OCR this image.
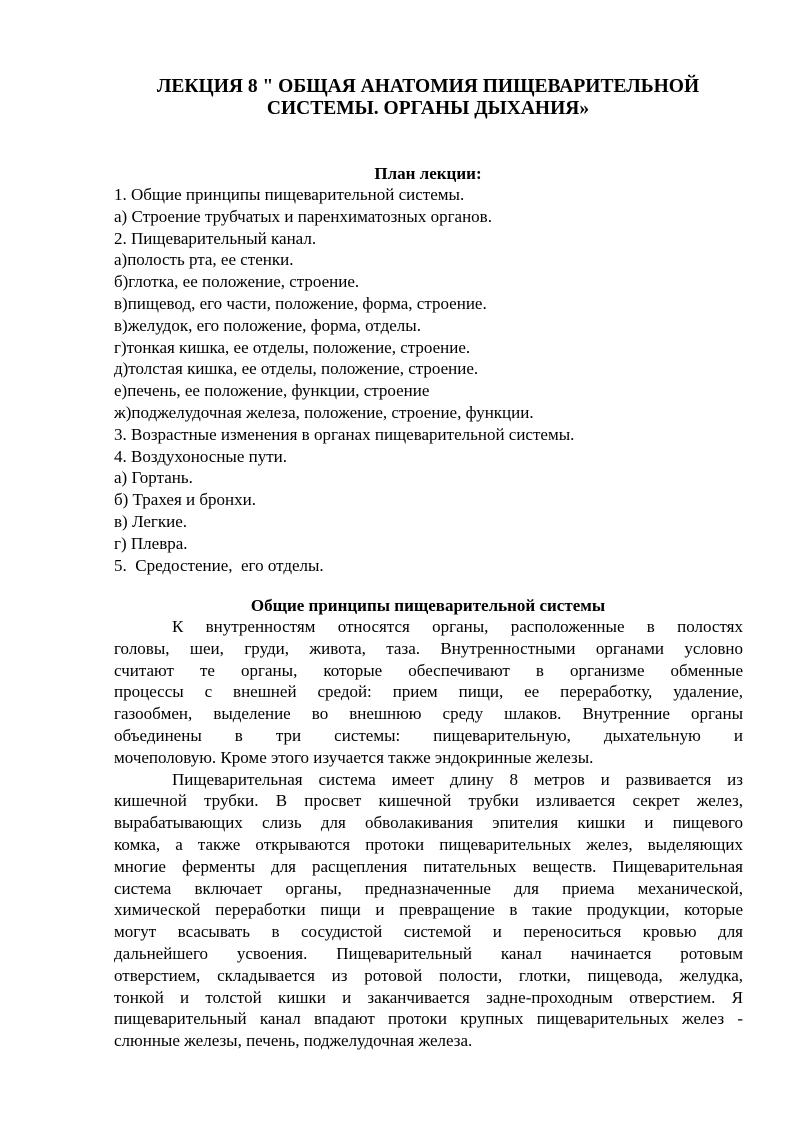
ЛЕКЦИЯ 8 " ОБЩАЯ АНАТОМИЯ ПИЩЕВАРИТЕЛЬНОЙ
СИСТЕМЫ. ОРГАНЫ ДЫХАНИЯ»
План лекции:
1. Общие принципы пищеварительной системы.
а) Строение трубчатых и паренхиматозных органов.
2. Пищеварительный канал.
а)полость рта, ее стенки.
б)глотка, ее положение, строение.
в)пищевод, его части, положение, форма, строение.
в)желудок, его положение, форма, отделы.
г)тонкая кишка, ее отделы, положение, строение.
д)толстая кишка, ее отделы, положение, строение.
е)печень, ее положение, функции, строение
ж)поджелудочная железа, положение, строение, функции.
3. Возрастные изменения в органах пищеварительной системы.
4. Воздухоносные пути.
а) Гортань.
б) Трахея и бронхи.
в) Легкие.
г) Плевра.
5.  Средостение,  его отделы.
Общие принципы пищеварительной системы
К внутренностям относятся органы, расположенные в полостях
головы, шеи, груди, живота, таза. Внутренностными органами условно
считают те органы, которые обеспечивают в организме обменные
процессы с внешней средой: прием пищи, ее переработку, удаление,
газообмен, выделение во внешнюю среду шлаков. Внутренние органы
объединены в три системы: пищеварительную, дыхательную и
мочеполовую. Кроме этого изучается также эндокринные железы.
Пищеварительная система имеет длину 8 метров и развивается из
кишечной трубки. В просвет кишечной трубки изливается секрет желез,
вырабатывающих слизь для обволакивания эпителия кишки и пищевого
комка, а также открываются протоки пищеварительных желез, выделяющих
многие ферменты для расщепления питательных веществ. Пищеварительная
система включает органы, предназначенные для приема механической,
химической переработки пищи и превращение в такие продукции, которые
могут всасывать в сосудистой системой и переноситься кровью для
дальнейшего усвоения. Пищеварительный канал начинается ротовым
отверстием, складывается из ротовой полости, глотки, пищевода, желудка,
тонкой и толстой кишки и заканчивается задне-проходным отверстием. Я
пищеварительный канал впадают протоки крупных пищеварительных желез -
слюнные железы, печень, поджелудочная железа.
